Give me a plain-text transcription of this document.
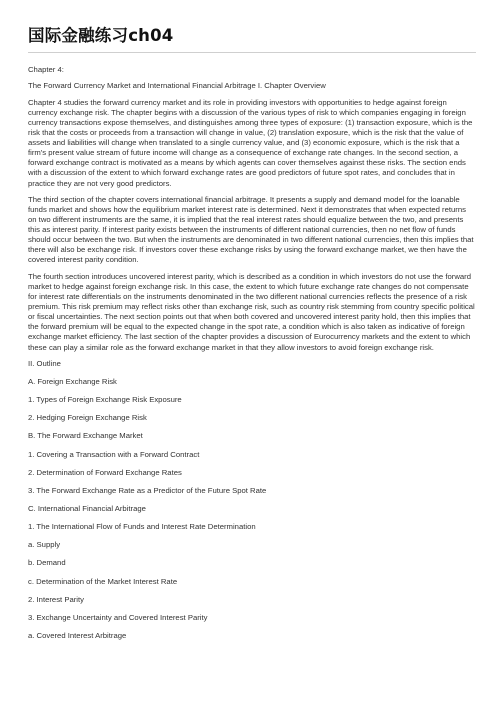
国际金融练习ch04
Chapter 4:
The Forward Currency Market and International Financial Arbitrage I. Chapter Overview
Chapter 4 studies the forward currency market and its role in providing investors with opportunities to hedge against foreign currency exchange risk. The chapter begins with a discussion of the various types of risk to which companies engaging in foreign currency transactions expose themselves, and distinguishes among three types of exposure: (1) transaction exposure, which is the risk that the costs or proceeds from a transaction will change in value, (2) translation exposure, which is the risk that the value of assets and liabilities will change when translated to a single currency value, and (3) economic exposure, which is the risk that a firm's present value stream of future income will change as a consequence of exchange rate changes. In the second section, a forward exchange contract is motivated as a means by which agents can cover themselves against these risks. The section ends with a discussion of the extent to which forward exchange rates are good predictors of future spot rates, and concludes that in practice they are not very good predictors.
The third section of the chapter covers international financial arbitrage. It presents a supply and demand model for the loanable funds market and shows how the equilibrium market interest rate is determined. Next it demonstrates that when expected returns on two different instruments are the same, it is implied that the real interest rates should equalize between the two, and presents this as interest parity. If interest parity exists between the instruments of different national currencies, then no net flow of funds should occur between the two. But when the instruments are denominated in two different national currencies, then this implies that there will also be exchange risk. If investors cover these exchange risks by using the forward exchange market, we then have the covered interest parity condition.
The fourth section introduces uncovered interest parity, which is described as a condition in which investors do not use the forward market to hedge against foreign exchange risk. In this case, the extent to which future exchange rate changes do not compensate for interest rate differentials on the instruments denominated in the two different national currencies reflects the presence of a risk premium. This risk premium may reflect risks other than exchange risk, such as country risk stemming from country specific political or fiscal uncertainties. The next section points out that when both covered and uncovered interest parity hold, then this implies that the forward premium will be equal to the expected change in the spot rate, a condition which is also taken as indicative of foreign exchange market efficiency. The last section of the chapter provides a discussion of Eurocurrency markets and the extent to which these can play a similar role as the forward exchange market in that they allow investors to avoid foreign exchange risk.
II. Outline
A. Foreign Exchange Risk
1. Types of Foreign Exchange Risk Exposure
2. Hedging Foreign Exchange Risk
B. The Forward Exchange Market
1. Covering a Transaction with a Forward Contract
2. Determination of Forward Exchange Rates
3. The Forward Exchange Rate as a Predictor of the Future Spot Rate
C. International Financial Arbitrage
1. The International Flow of Funds and Interest Rate Determination
a. Supply
b. Demand
c. Determination of the Market Interest Rate
2. Interest Parity
3. Exchange Uncertainty and Covered Interest Parity
a. Covered Interest Arbitrage
